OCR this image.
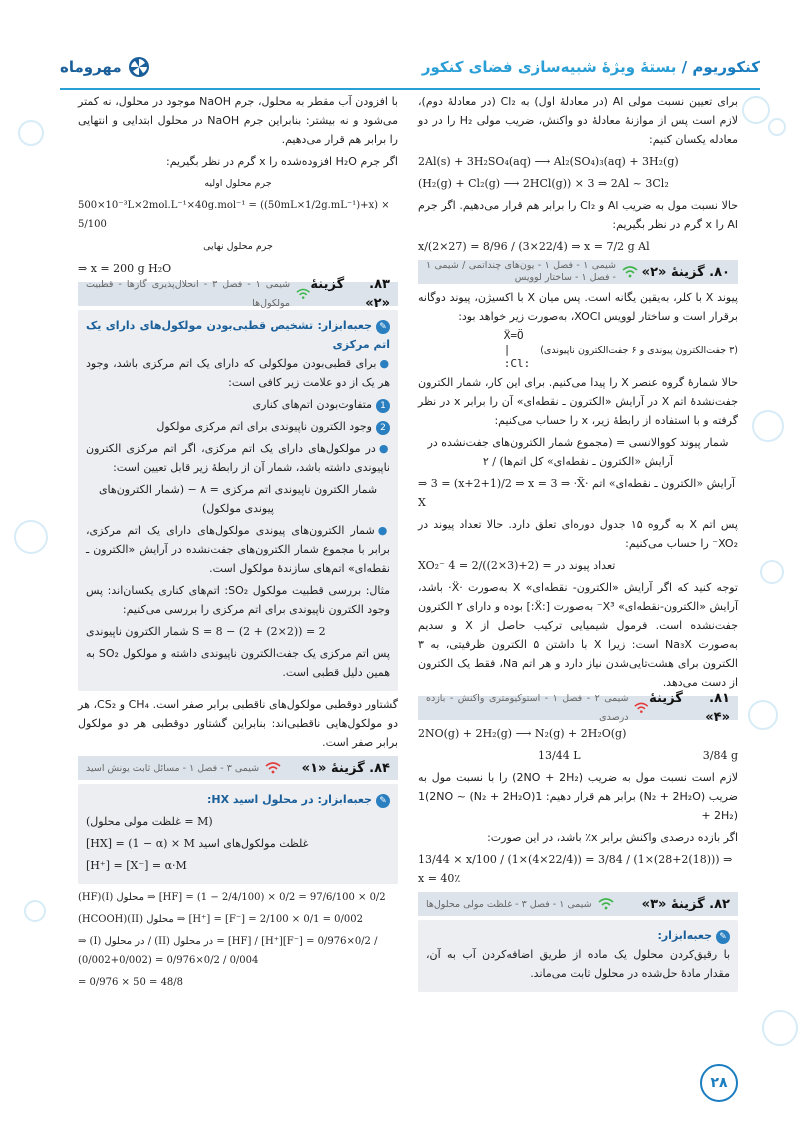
کنکوریوم / بستهٔ ویژهٔ شبیه‌سازی فضای کنکور
مهروماه

برای تعیین نسبت مولی Al (در معادلهٔ اول) به Cl₂ (در معادلهٔ دوم)، لازم است پس از موازنهٔ معادلهٔ دو واکنش، ضریب مولی H₂ را در دو معادله یکسان کنیم:

2Al(s) + 3H₂SO₄(aq) ⟶ Al₂(SO₄)₃(aq) + 3H₂(g)
(H₂(g) + Cl₂(g) ⟶ 2HCl(g)) × 3 ⇒ 2Al ~ 3Cl₂

حالا نسبت مول به ضریب Al و Cl₂ را برابر هم قرار می‌دهیم. اگر جرم Al را x گرم در نظر بگیریم:

x/(2×27) = 8/96 / (3×22/4) ⇒ x = 7/2 g Al
۸۰. گزینهٔ «۲»
شیمی ۱ - فصل ۱ - یون‌های چنداتمی / شیمی ۱ - فصل ۱ - ساختار لوویس

پیوند X با کلر، به‌یقین یگانه است. پس میان X با اکسیژن، پیوند دوگانه برقرار است و ساختار لوویس XOCl، به‌صورت زیر خواهد بود:

(۳ جفت‌الکترون پیوندی و ۶ جفت‌الکترون ناپیوندی)
Ẍ=Ö
|
:Cl:

حالا شمارهٔ گروه عنصر X را پیدا می‌کنیم. برای این کار، شمار الکترون جفت‌نشدهٔ اتم X در آرایش «الکترون ـ نقطه‌ای» آن را برابر x در نظر گرفته و با استفاده از رابطهٔ زیر، x را حساب می‌کنیم:

شمار پیوند کووالانسی = (مجموع شمار الکترون‌های جفت‌نشده در آرایش «الکترون ـ نقطه‌ای» کل اتم‌ها) / ۲
⇒ 3 = (x+2+1)/2 ⇒ x = 3 ⇒ ·Ẍ· آرایش «الکترون ـ نقطه‌ای» اتم X

پس اتم X به گروه ۱۵ جدول دوره‌ای تعلق دارد. حالا تعداد پیوند در XO₂⁻ را حساب می‌کنیم:

XO₂⁻ تعداد پیوند در = (2+(3×2))/2 = 4

توجه کنید که اگر آرایش «الکترون- نقطه‌ای» X به‌صورت ·Ẍ· باشد، آرایش «الکترون-نقطه‌ای» X³⁻ به‌صورت [:Ẍ:] بوده و دارای ۲ الکترون جفت‌نشده است. فرمول شیمیایی ترکیب حاصل از X و سدیم به‌صورت Na₃X است: زیرا X با داشتن ۵ الکترون ظرفیتی، به ۳ الکترون برای هشت‌تایی‌شدن نیاز دارد و هر اتم Na، فقط یک الکترون از دست می‌دهد.

۸۱. گزینهٔ «۴»
شیمی ۲ - فصل ۱ - استوکیومتری واکنش - بازده درصدی
2NO(g) + 2H₂(g) ⟶ N₂(g) + 2H₂O(g)
13/44 L	3/84 g

لازم است نسبت مول به ضریب (2NO + 2H₂) را با نسبت مول به ضریب (N₂ + 2H₂O) برابر هم قرار دهیم: 1(N₂ + 2H₂O) ~ 1(2NO + 2H₂)

اگر بازده درصدی واکنش برابر x٪ باشد، در این صورت:

13/44 × x/100 / (1×(4×22/4)) = 3/84 / (1×(28+2(18))) ⇒ x = 40٪
۸۲. گزینهٔ «۳»
شیمی ۱ - فصل ۳ - غلظت مولی محلول‌ها
✎جعبه‌ابزار:

با رقیق‌کردن محلول یک ماده از طریق اضافه‌کردن آب به آن، مقدار مادهٔ حل‌شده در محلول ثابت می‌ماند.

با افزودن آب مقطر به محلول، جرم NaOH موجود در محلول، نه کمتر می‌شود و نه بیشتر: بنابراین جرم NaOH در محلول ابتدایی و انتهایی را برابر هم قرار می‌دهیم.

اگر جرم H₂O افزوده‌شده را x گرم در نظر بگیریم:

جرم محلول اولیه
500×10⁻³L×2mol.L⁻¹×40g.mol⁻¹ = ((50mL×1/2g.mL⁻¹)+x) × 5/100
جرم محلول نهایی
⇒ x = 200 g H₂O
۸۳. گزینهٔ «۲»
شیمی ۱ - فصل ۳ - انحلال‌پذیری گازها - قطبیت مولکول‌ها
✎جعبه‌ابزار: تشخیص قطبی‌بودن مولکول‌های دارای یک اتم مرکزی

●برای قطبی‌بودن مولکولی که دارای یک اتم مرکزی باشد، وجود هر یک از دو علامت زیر کافی است:

1متفاوت‌بودن اتم‌های کناری

2وجود الکترون ناپیوندی برای اتم مرکزی مولکول

●در مولکول‌های دارای یک اتم مرکزی، اگر اتم مرکزی الکترون ناپیوندی داشته باشد، شمار آن از رابطهٔ زیر قابل تعیین است:

شمار الکترون ناپیوندی اتم مرکزی = ۸ − (شمار الکترون‌های پیوندی مولکول)

●شمار الکترون‌های پیوندی مولکول‌های دارای یک اتم مرکزی، برابر با مجموع شمار الکترون‌های جفت‌نشده در آرایش «الکترون ـ نقطه‌ای» اتم‌های سازندهٔ مولکول است.

مثال: بررسی قطبیت مولکول SO₂: اتم‌های کناری یکسان‌اند: پس وجود الکترون ناپیوندی برای اتم مرکزی را بررسی می‌کنیم:

شمار الکترون ناپیوندی S = 8 − (2 + (2×2)) = 2

پس اتم مرکزی یک جفت‌الکترون ناپیوندی داشته و مولکول SO₂ به همین دلیل قطبی است.

گشتاور دوقطبی مولکول‌های ناقطبی برابر صفر است. CH₄ و CS₂، هر دو مولکول‌هایی ناقطبی‌اند: بنابراین گشتاور دوقطبی هر دو مولکول برابر صفر است.

۸۴. گزینهٔ «۱»
شیمی ۳ - فصل ۱ - مسائل ثابت یونش اسید
✎جعبه‌ابزار: در محلول اسید HX:
(غلظت مولی محلول = M)
[HX] = (1 − α) × M غلظت مولکول‌های اسید
[H⁺] = [X⁻] = α·M
(HF)(I) محلول ⇒ [HF] = (1 − 2/4/100) × 0/2 = 97/6/100 × 0/2
(HCOOH)(II) محلول ⇒ [H⁺] = [F⁻] = 2/100 × 0/1 = 0/002
⇒ (I) در محلول / (II) در محلول = [HF] / [H⁺][F⁻] = 0/976×0/2 / (0/002+0/002) = 0/976×0/2 / 0/004
= 0/976 × 50 = 48/8
۲۸
